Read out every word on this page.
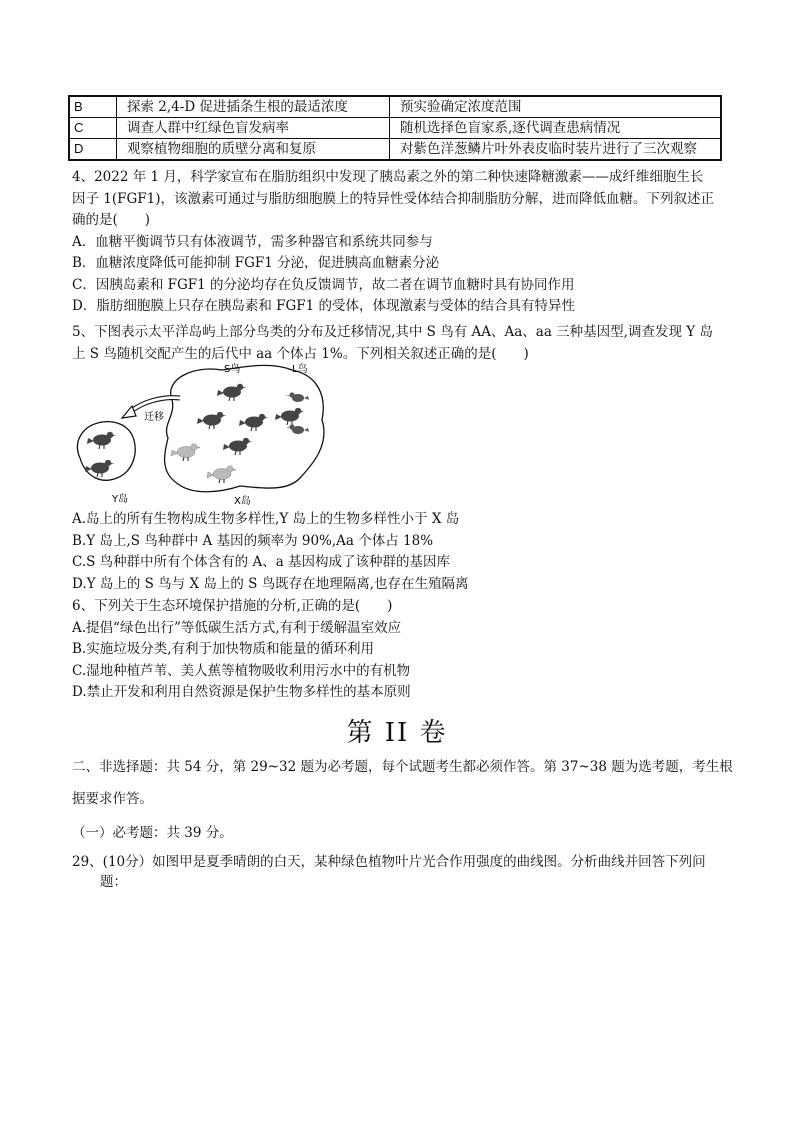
B	探索 2,4-D 促进插条生根的最适浓度	预实验确定浓度范围
C	调查人群中红绿色盲发病率	随机选择色盲家系,逐代调查患病情况
D	观察植物细胞的质壁分离和复原	对紫色洋葱鳞片叶外表皮临时装片进行了三次观察
4、2022 年 1 月，科学家宣布在脂肪组织中发现了胰岛素之外的第二种快速降糖激素——成纤维细胞生长
因子 1(FGF1)，该激素可通过与脂肪细胞膜上的特异性受体结合抑制脂肪分解，进而降低血糖。下列叙述正
确的是(　　)
A．血糖平衡调节只有体液调节，需多种器官和系统共同参与
B．血糖浓度降低可能抑制 FGF1 分泌，促进胰高血糖素分泌
C．因胰岛素和 FGF1 的分泌均存在负反馈调节，故二者在调节血糖时具有协同作用
D．脂肪细胞膜上只存在胰岛素和 FGF1 的受体，体现激素与受体的结合具有特异性
5、下图表示太平洋岛屿上部分鸟类的分布及迁移情况,其中 S 鸟有 AA、Aa、aa 三种基因型,调查发现 Y 岛
上 S 鸟随机交配产生的后代中 aa 个体占 1%。下列相关叙述正确的是(　　)
迁移
S鸟	L鸟
Y岛	X岛
A.岛上的所有生物构成生物多样性,Y 岛上的生物多样性小于 X 岛
B.Y 岛上,S 鸟种群中 A 基因的频率为 90%,Aa 个体占 18%
C.S 鸟种群中所有个体含有的 A、a 基因构成了该种群的基因库
D.Y 岛上的 S 鸟与 X 岛上的 S 鸟既存在地理隔离,也存在生殖隔离
6、下列关于生态环境保护措施的分析,正确的是(　　)
A.提倡“绿色出行”等低碳生活方式,有利于缓解温室效应
B.实施垃圾分类,有利于加快物质和能量的循环利用
C.湿地种植芦苇、美人蕉等植物吸收利用污水中的有机物
D.禁止开发和利用自然资源是保护生物多样性的基本原则
第 II 卷
二、非选择题：共 54 分，第 29~32 题为必考题，每个试题考生都必须作答。第 37~38 题为选考题，考生根
据要求作答。
（一）必考题：共 39 分。
29、(10分）如图甲是夏季晴朗的白天，某种绿色植物叶片光合作用强度的曲线图。分析曲线并回答下列问
题：
